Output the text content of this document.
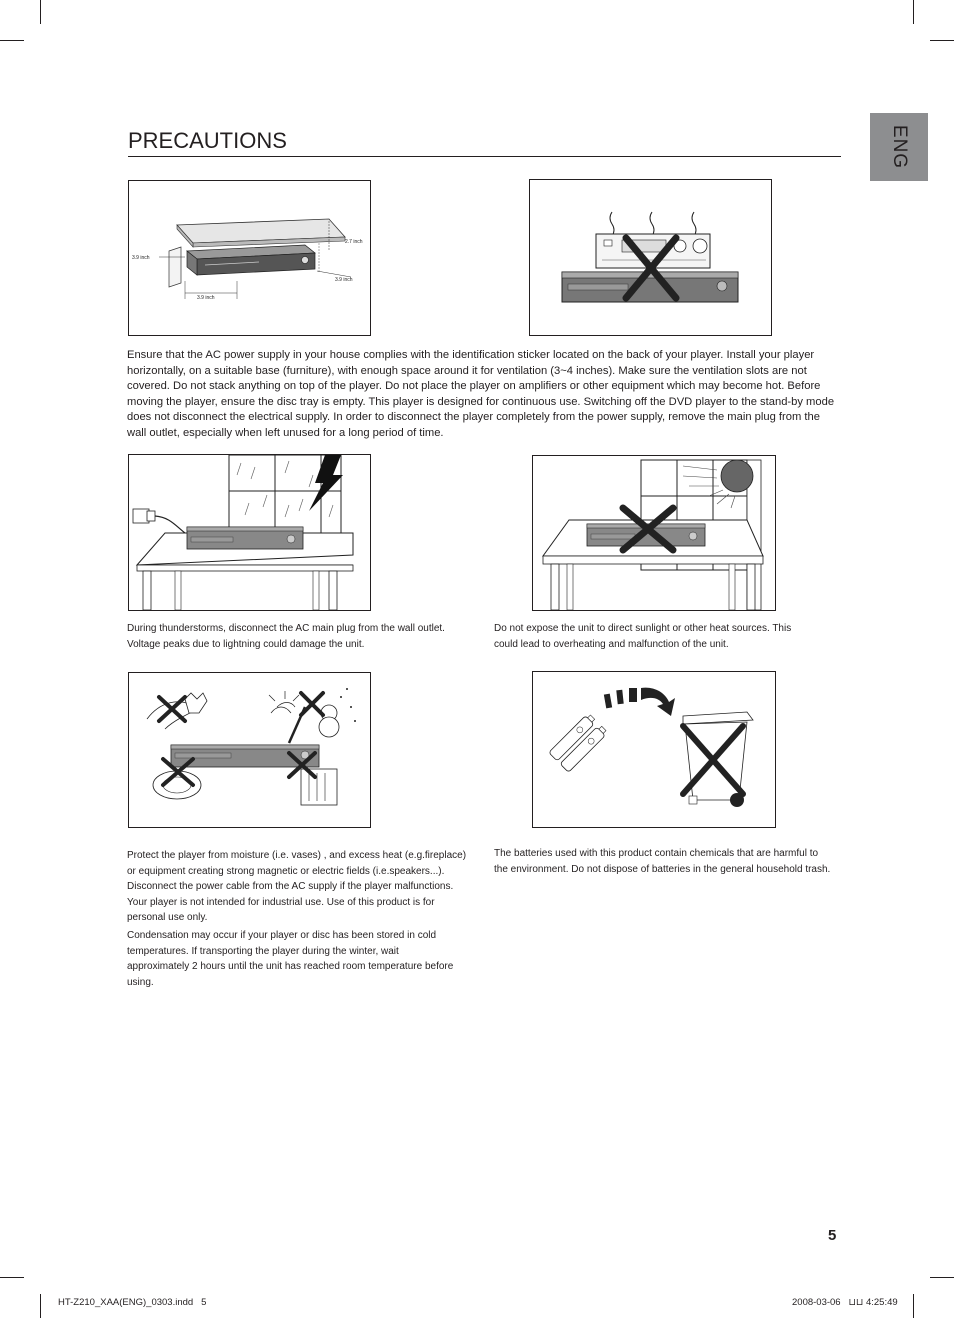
PRECAUTIONS	ENG
2.7 inch
3.9 inch
3.9 inch
3.9 inch
Ensure that the AC power supply in your house complies with the identification sticker located on the back of your player. Install your player horizontally, on a suitable base (furniture), with enough space around it for ventilation (3~4 inches). Make sure the ventilation slots are not covered. Do not stack anything on top of the player. Do not place the player on amplifiers or other equipment which may become hot. Before moving the player, ensure the disc tray is empty. This player is designed for continuous use. Switching off the DVD player to the stand-by mode does not disconnect the electrical supply. In order to disconnect the player completely from the power supply, remove the main plug from the wall outlet, especially when left unused for a long period of time.
During thunderstorms, disconnect the AC main plug from the wall outlet. Voltage peaks due to lightning could damage the unit.
Do not expose the unit to direct sunlight or other heat sources. This could lead to overheating and malfunction of the unit.
Protect the player from moisture (i.e. vases) , and excess heat (e.g.fireplace) or equipment creating strong magnetic or electric fields (i.e.speakers...). Disconnect the power cable from the AC supply if the player malfunctions. Your player is not intended for industrial use. Use of this product is for personal use only.
Condensation may occur if your player or disc has been stored in cold temperatures. If transporting the player during the winter, wait approximately 2 hours until the unit has reached room temperature before using.
The batteries used with this product contain chemicals that are harmful to the environment. Do not dispose of batteries in the general household trash.
5
HT-Z210_XAA(ENG)_0303.indd   5	2008-03-06   ⊔⊔ 4:25:49
